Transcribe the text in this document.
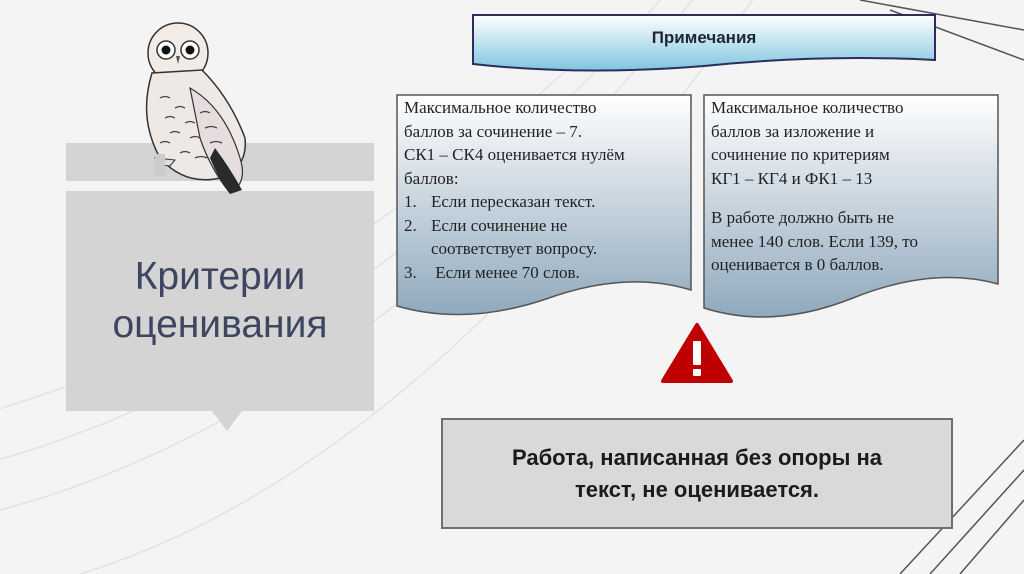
Критерии
оценивания
Примечания

Максимальное количество

баллов за сочинение – 7.

СК1 – СК4 оценивается нулём

баллов:

1. Если пересказан текст.
2. Если сочинение не
соответствует вопросу.
3. Если менее 70 слов.

Максимальное количество

баллов за изложение и

сочинение по критериям

КГ1 – КГ4 и ФК1 – 13

В работе должно быть не

менее 140 слов. Если 139, то

оценивается в 0 баллов.

Работа, написанная без опоры на
текст, не оценивается.
